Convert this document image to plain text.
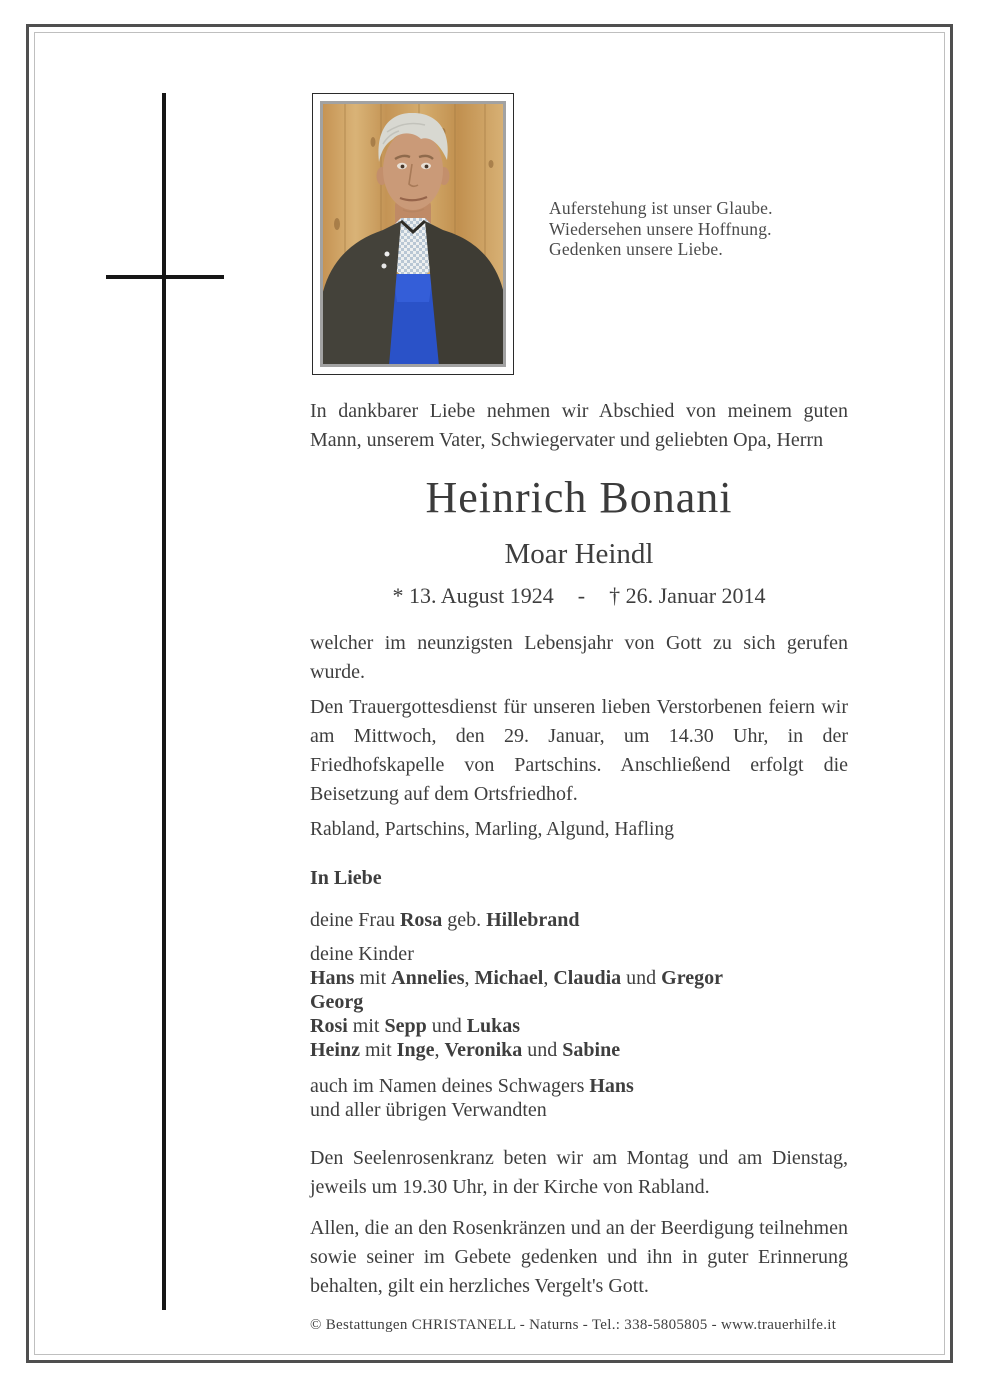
Auferstehung ist unser Glaube.
Wiedersehen unsere Hoffnung.
Gedenken unsere Liebe.

In dankbarer Liebe nehmen wir Abschied von meinem guten Mann, unserem Vater, Schwiegervater und geliebten Opa, Herrn

Heinrich Bonani
Moar Heindl
* 13. August 1924 - † 26. Januar 2014

welcher im neunzigsten Lebensjahr von Gott zu sich gerufen wurde.

Den Trauergottesdienst für unseren lieben Verstorbenen feiern wir am Mittwoch, den 29. Januar, um 14.30 Uhr, in der Friedhofskapelle von Partschins. Anschließend erfolgt die Beisetzung auf dem Ortsfriedhof.

Rabland, Partschins, Marling, Algund, Hafling

In Liebe

deine Frau Rosa geb. Hillebrand

deine Kinder

Hans mit Annelies, Michael, Claudia und Gregor

Georg

Rosi mit Sepp und Lukas

Heinz mit Inge, Veronika und Sabine

auch im Namen deines Schwagers Hans

und aller übrigen Verwandten

Den Seelenrosenkranz beten wir am Montag und am Dienstag, jeweils um 19.30 Uhr, in der Kirche von Rabland.

Allen, die an den Rosenkränzen und an der Beerdigung teilnehmen sowie seiner im Gebete gedenken und ihn in guter Erinnerung behalten, gilt ein herzliches Vergelt's Gott.

© Bestattungen CHRISTANELL - Naturns - Tel.: 338-5805805 - www.trauerhilfe.it
